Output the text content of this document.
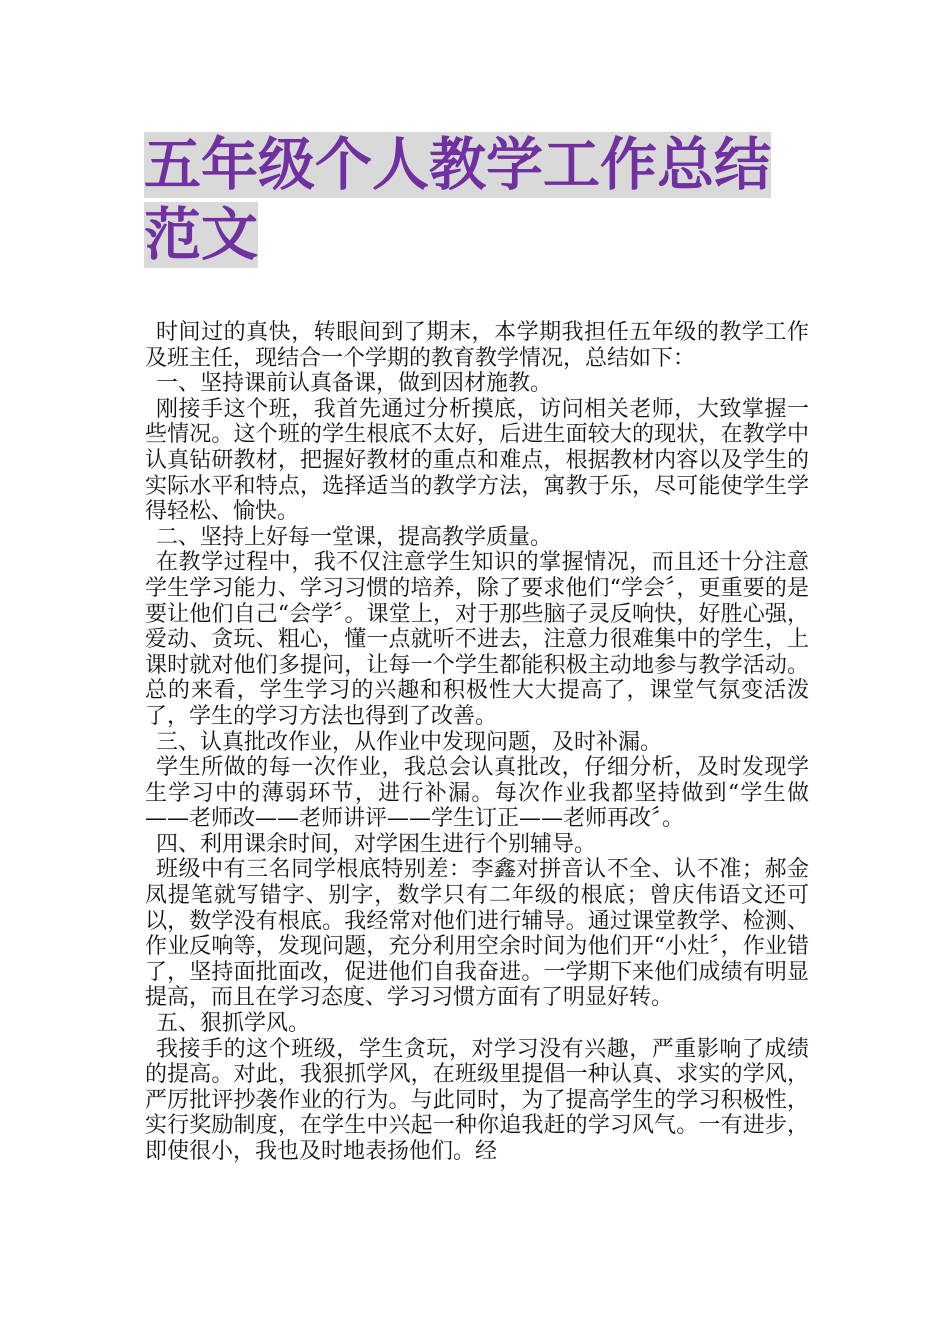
五年级个人教学工作总结
范文

时间过的真快，转眼间到了期末，本学期我担任五年级的教学工作及班主任，现结合一个学期的教育教学情况，总结如下：

一、坚持课前认真备课，做到因材施教。

刚接手这个班，我首先通过分析摸底，访问相关老师，大致掌握一些情况。这个班的学生根底不太好，后进生面较大的现状，在教学中认真钻研教材，把握好教材的重点和难点，根据教材内容以及学生的实际水平和特点，选择适当的教学方法，寓教于乐，尽可能使学生学得轻松、愉快。

二、坚持上好每一堂课，提高教学质量。

在教学过程中，我不仅注意学生知识的掌握情况，而且还十分注意学生学习能力、学习习惯的培养，除了要求他们“学会〞，更重要的是要让他们自己“会学〞。课堂上，对于那些脑子灵反响快，好胜心强，爱动、贪玩、粗心，懂一点就听不进去，注意力很难集中的学生，上课时就对他们多提问，让每一个学生都能积极主动地参与教学活动。总的来看，学生学习的兴趣和积极性大大提高了，课堂气氛变活泼了，学生的学习方法也得到了改善。

三、认真批改作业，从作业中发现问题，及时补漏。

学生所做的每一次作业，我总会认真批改，仔细分析，及时发现学生学习中的薄弱环节，进行补漏。每次作业我都坚持做到“学生做——老师改——老师讲评——学生订正——老师再改〞。

四、利用课余时间，对学困生进行个别辅导。

班级中有三名同学根底特别差：李鑫对拼音认不全、认不准；郝金凤提笔就写错字、别字，数学只有二年级的根底；曾庆伟语文还可以，数学没有根底。我经常对他们进行辅导。通过课堂教学、检测、作业反响等，发现问题，充分利用空余时间为他们开“小灶〞，作业错了，坚持面批面改，促进他们自我奋进。一学期下来他们成绩有明显提高，而且在学习态度、学习习惯方面有了明显好转。

五、狠抓学风。

我接手的这个班级，学生贪玩，对学习没有兴趣，严重影响了成绩的提高。对此，我狠抓学风，在班级里提倡一种认真、求实的学风，严厉批评抄袭作业的行为。与此同时，为了提高学生的学习积极性，实行奖励制度，在学生中兴起一种你追我赶的学习风气。一有进步，即使很小，我也及时地表扬他们。经
